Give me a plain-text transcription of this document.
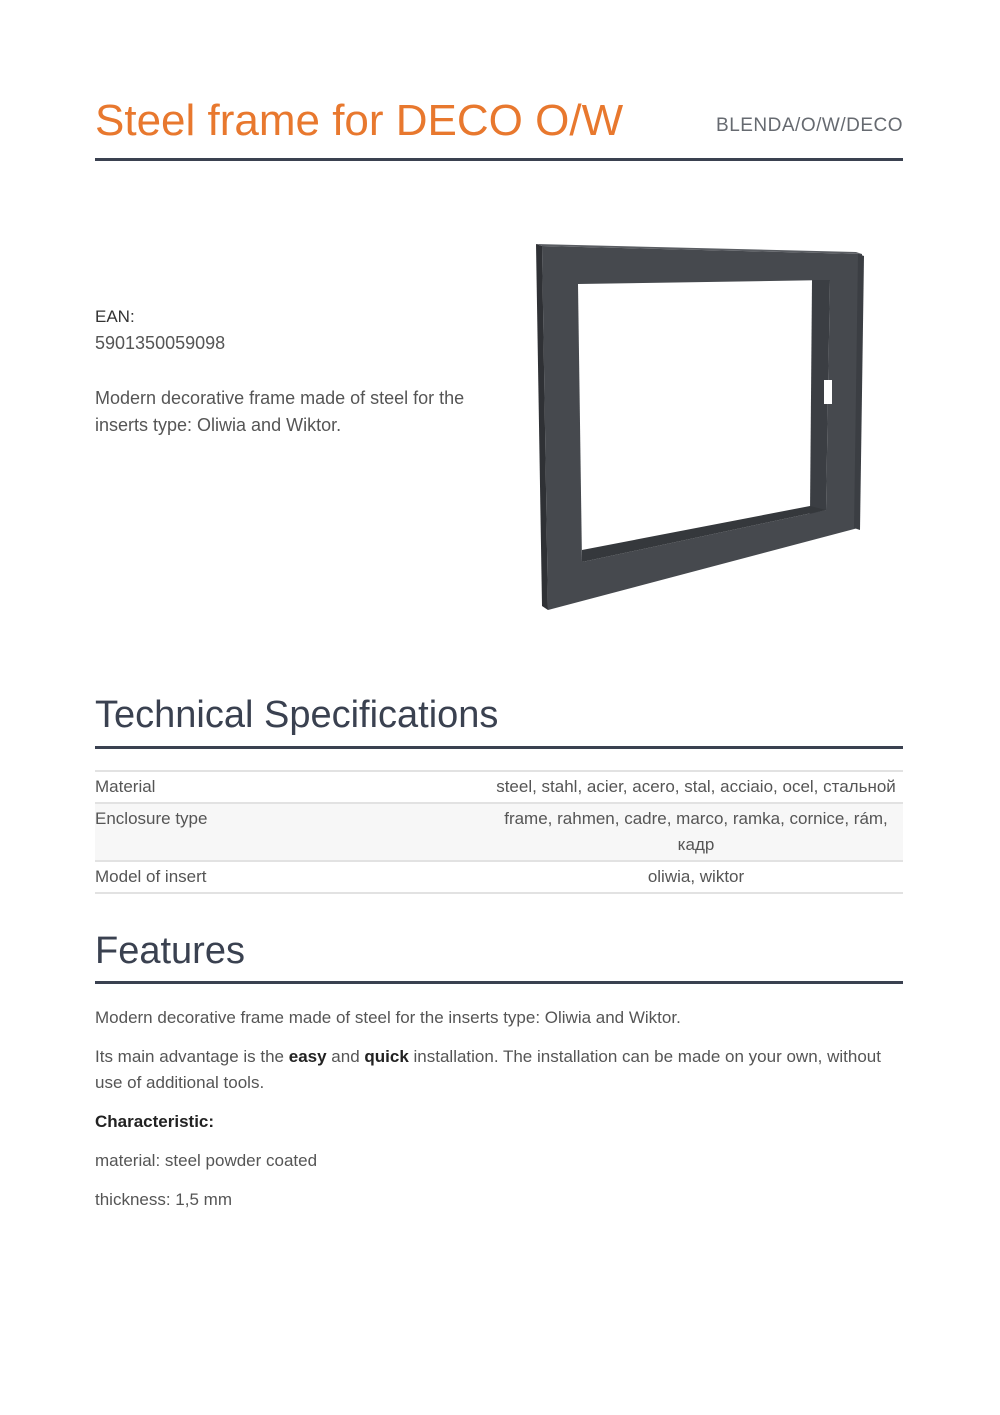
Steel frame for DECO O/W	BLENDA/O/W/DECO
EAN:
5901350059098

Modern decorative frame made of steel for the inserts type: Oliwia and Wiktor.

Technical Specifications
Material	steel, stahl, acier, acero, stal, acciaio, ocel, стальной
Enclosure type	frame, rahmen, cadre, marco, ramka, cornice, rám, кадр
Model of insert	oliwia, wiktor
Features

Modern decorative frame made of steel for the inserts type: Oliwia and Wiktor.

Its main advantage is the easy and quick installation. The installation can be made on your own, without use of additional tools.

Characteristic:

material: steel powder coated

thickness: 1,5 mm
